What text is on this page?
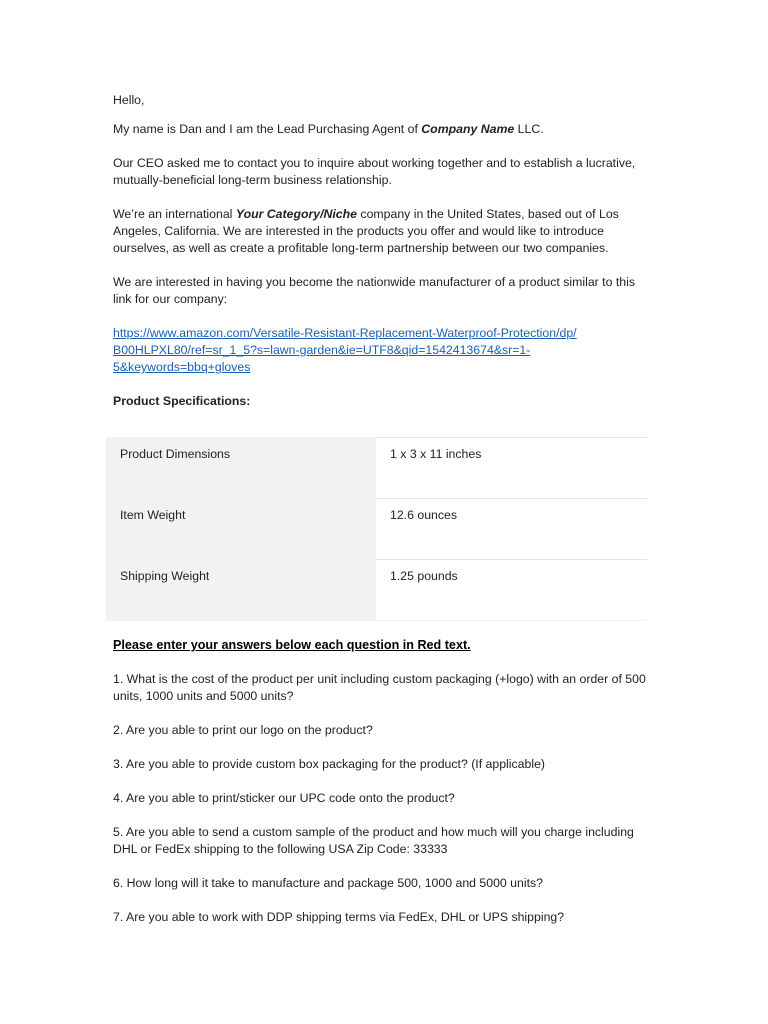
Hello,

My name is Dan and I am the Lead Purchasing Agent of Company Name LLC.

Our CEO asked me to contact you to inquire about working together and to establish a lucrative, mutually-beneficial long-term business relationship.

We’re an international Your Category/Niche company in the United States, based out of Los Angeles, California. We are interested in the products you offer and would like to introduce ourselves, as well as create a profitable long-term partnership between our two companies.

We are interested in having you become the nationwide manufacturer of a product similar to this link for our company:

https://www.amazon.com/Versatile-Resistant-Replacement-Waterproof-Protection/dp/
B00HLPXL80/ref=sr_1_5?s=lawn-garden&ie=UTF8&qid=1542413674&sr=1-
5&keywords=bbq+gloves

Product Specifications:

Product Dimensions	1 x 3 x 11 inches
Item Weight	12.6 ounces
Shipping Weight	1.25 pounds

Please enter your answers below each question in Red text.

1. What is the cost of the product per unit including custom packaging (+logo) with an order of 500 units, 1000 units and 5000 units?

2. Are you able to print our logo on the product?

3. Are you able to provide custom box packaging for the product? (If applicable)

4. Are you able to print/sticker our UPC code onto the product?

5. Are you able to send a custom sample of the product and how much will you charge including DHL or FedEx shipping to the following USA Zip Code: 33333

6. How long will it take to manufacture and package 500, 1000 and 5000 units?

7. Are you able to work with DDP shipping terms via FedEx, DHL or UPS shipping?
